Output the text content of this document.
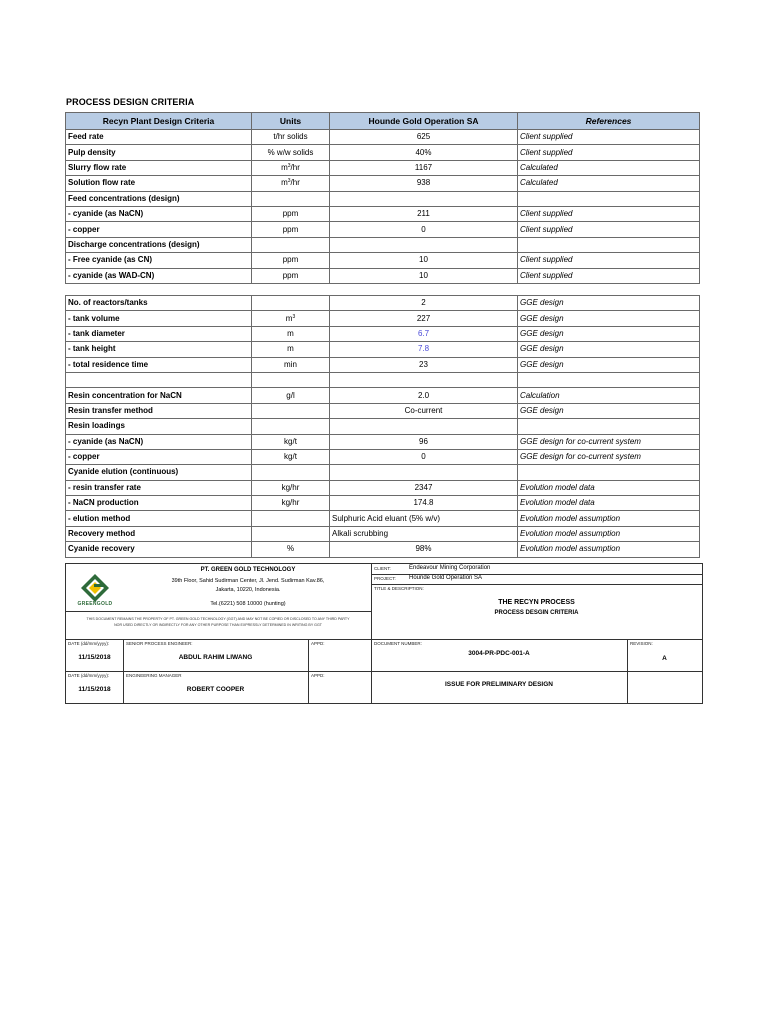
PROCESS DESIGN CRITERIA
Recyn Plant Design Criteria	Units	Hounde Gold Operation SA	References
Feed rate	t/hr solids	625	Client supplied
Pulp density	% w/w solids	40%	Client supplied
Slurry flow rate	$m^3/hr$	1167	Calculated
Solution flow rate	$m^3/hr$	938	Calculated
Feed concentrations (design)			
- cyanide (as NaCN)	ppm	211	Client supplied
- copper	ppm	0	Client supplied
Discharge concentrations (design)			
- Free cyanide (as CN)	ppm	10	Client supplied
- cyanide (as WAD-CN)	ppm	10	Client supplied
No. of reactors/tanks		2	GGE design
- tank volume	$m^3$	227	GGE design
- tank diameter	m	6.7	GGE design
- tank height	m	7.8	GGE design
- total residence time	min	23	GGE design

Resin concentration for NaCN	g/l	2.0	Calculation
Resin transfer method		Co-current	GGE design
Resin loadings			
- cyanide (as NaCN)	kg/t	96	GGE design for co-current system
- copper	kg/t	0	GGE design for co-current system
Cyanide elution (continuous)			
- resin transfer rate	kg/hr	2347	Evolution model data
- NaCN production	kg/hr	174.8	Evolution model data
- elution method		Sulphuric Acid eluant (5% w/v)	Evolution model assumption
Recovery method		Alkali scrubbing	Evolution model assumption
Cyanide recovery	%	98%	Evolution model assumption
GREENGOLD
PT. GREEN GOLD TECHNOLOGY
39th Floor, Sahid Sudirman Center, Jl. Jend. Sudirman Kav.86,
Jakarta, 10220, Indonesia.
Tel.(6221) 508 10000 (hunting)
THIS DOCUMENT REMAINS THE PROPERTY OF PT. GREEN GOLD TECHNOLOGY (GGT) AND MAY NOT BE COPIED OR DISCLOSED TO ANY THIRD PARTY
NOR USED DIRECTLY OR INDIRECTLY FOR ANY OTHER PURPOSE THAN EXPRESSLY DETERMINED IN WRITING BY GGT
CLIENT:	Endeavour Mining Corporation
PROJECT: Hounde Gold Operation SA
TITLE & DESCRIPTION:
THE RECYN PROCESS
PROCESS DESGIN CRITERIA
DATE (dd/mm/yyyy):
11/15/2018
SENIOR PROCESS ENGINEER:
ABDUL RAHIM LIWANG
APPD:	DOCUMENT NUMBER:
3004-PR-PDC-001-A
REVISION:
A
DATE (dd/mm/yyyy):
11/15/2018
ENGINEERING MANAGER
ROBERT COOPER
APPD:
ISSUE FOR PRELIMINARY DESIGN
